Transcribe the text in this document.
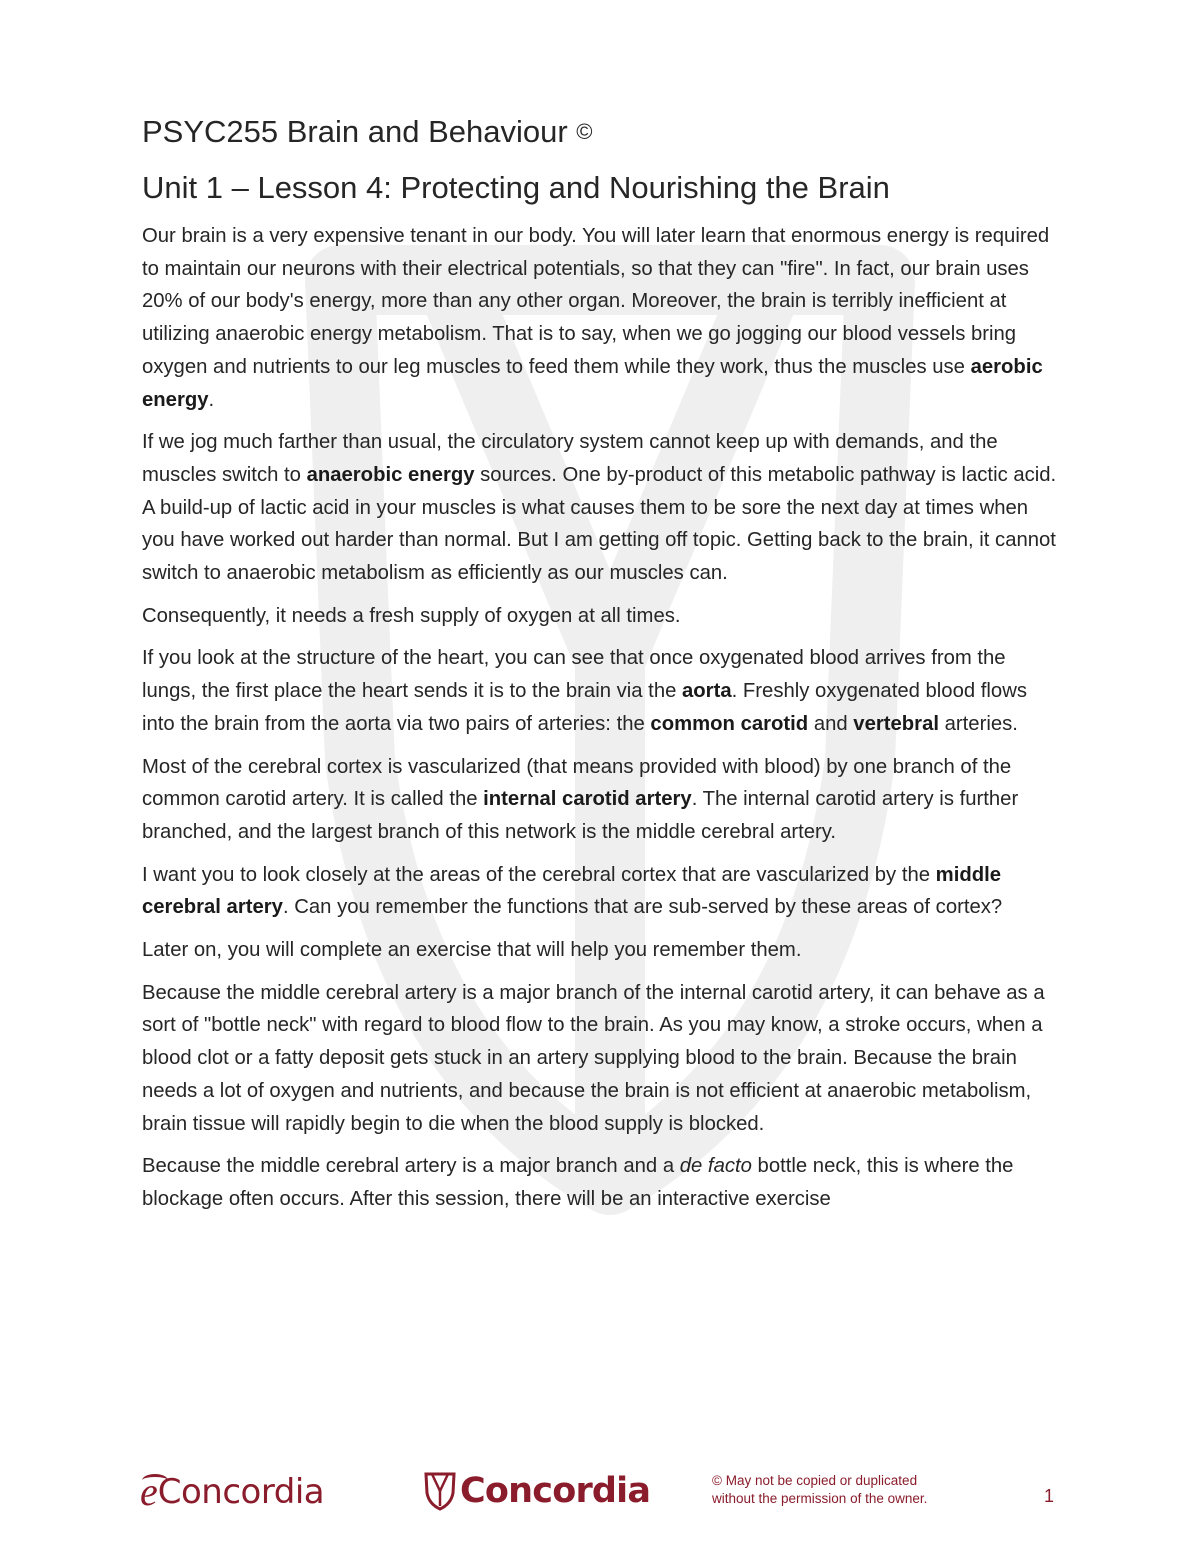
PSYC255 Brain and Behaviour ©
Unit 1 – Lesson 4: Protecting and Nourishing the Brain

Our brain is a very expensive tenant in our body. You will later learn that enormous energy is required to maintain our neurons with their electrical potentials, so that they can "fire". In fact, our brain uses 20% of our body's energy, more than any other organ. Moreover, the brain is terribly inefficient at utilizing anaerobic energy metabolism. That is to say, when we go jogging our blood vessels bring oxygen and nutrients to our leg muscles to feed them while they work, thus the muscles use aerobic energy.

If we jog much farther than usual, the circulatory system cannot keep up with demands, and the muscles switch to anaerobic energy sources. One by-product of this metabolic pathway is lactic acid. A build-up of lactic acid in your muscles is what causes them to be sore the next day at times when you have worked out harder than normal. But I am getting off topic. Getting back to the brain, it cannot switch to anaerobic metabolism as efficiently as our muscles can.

Consequently, it needs a fresh supply of oxygen at all times.

If you look at the structure of the heart, you can see that once oxygenated blood arrives from the lungs, the first place the heart sends it is to the brain via the aorta. Freshly oxygenated blood flows into the brain from the aorta via two pairs of arteries: the common carotid and vertebral arteries.

Most of the cerebral cortex is vascularized (that means provided with blood) by one branch of the common carotid artery. It is called the internal carotid artery. The internal carotid artery is further branched, and the largest branch of this network is the middle cerebral artery.

I want you to look closely at the areas of the cerebral cortex that are vascularized by the middle cerebral artery. Can you remember the functions that are sub-served by these areas of cortex?

Later on, you will complete an exercise that will help you remember them.

Because the middle cerebral artery is a major branch of the internal carotid artery, it can behave as a sort of "bottle neck" with regard to blood flow to the brain. As you may know, a stroke occurs, when a blood clot or a fatty deposit gets stuck in an artery supplying blood to the brain. Because the brain needs a lot of oxygen and nutrients, and because the brain is not efficient at anaerobic metabolism, brain tissue will rapidly begin to die when the blood supply is blocked.

Because the middle cerebral artery is a major branch and a de facto bottle neck, this is where the blockage often occurs. After this session, there will be an interactive exercise

e Concordia	Concordia	© May not be copied or duplicated
without the permission of the owner.	1
